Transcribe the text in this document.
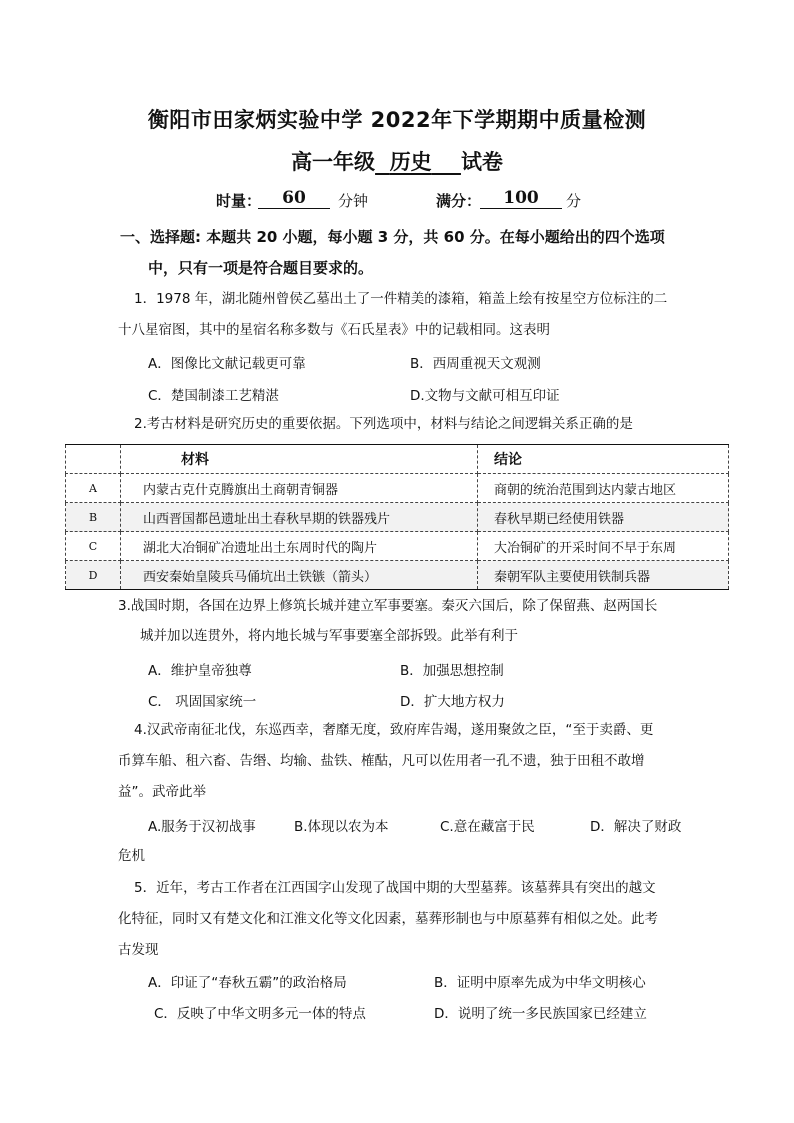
衡阳市田家炳实验中学 2022年下学期期中质量检测
高一年级 历史 试卷
时量：	60	分钟	满分：	100	分
一、选择题: 本题共 20 小题，每小题 3 分，共 60 分。在每小题给出的四个选项
中，只有一项是符合题目要求的。
1．1978 年，湖北随州曾侯乙墓出土了一件精美的漆箱，箱盖上绘有按星空方位标注的二
十八星宿图，其中的星宿名称多数与《石氏星表》中的记载相同。这表明
A．图像比文献记载更可靠	B．西周重视天文观测
C．楚国制漆工艺精湛	D.文物与文献可相互印证
2.考古材料是研究历史的重要依据。下列选项中，材料与结论之间逻辑关系正确的是
	材料	结论
A	内蒙古克什克腾旗出土商朝青铜器	商朝的统治范围到达内蒙古地区
B	山西晋国都邑遗址出土春秋早期的铁器残片	春秋早期已经使用铁器
C	湖北大冶铜矿冶遗址出土东周时代的陶片	大冶铜矿的开采时间不早于东周
D	西安秦始皇陵兵马俑坑出土铁镞（箭头）	秦朝军队主要使用铁制兵器
3.战国时期，各国在边界上修筑长城并建立军事要塞。秦灭六国后，除了保留燕、赵两国长
城并加以连贯外，将内地长城与军事要塞全部拆毁。此举有利于
A．维护皇帝独尊	B．加强思想控制
C． 巩固国家统一	D．扩大地方权力
4.汉武帝南征北伐，东巡西幸，奢靡无度，致府库告竭，遂用聚敛之臣，“至于卖爵、更
币算车船、租六畜、告缗、均输、盐铁、榷酤，凡可以佐用者一孔不遗，独于田租不敢增
益”。武帝此举
A.服务于汉初战事	B.体现以农为本	C.意在藏富于民	D．解决了财政
危机
5．近年，考古工作者在江西国字山发现了战国中期的大型墓葬。该墓葬具有突出的越文
化特征，同时又有楚文化和江淮文化等文化因素，墓葬形制也与中原墓葬有相似之处。此考
古发现
A．印证了“春秋五霸”的政治格局	B．证明中原率先成为中华文明核心
C．反映了中华文明多元一体的特点	D．说明了统一多民族国家已经建立
